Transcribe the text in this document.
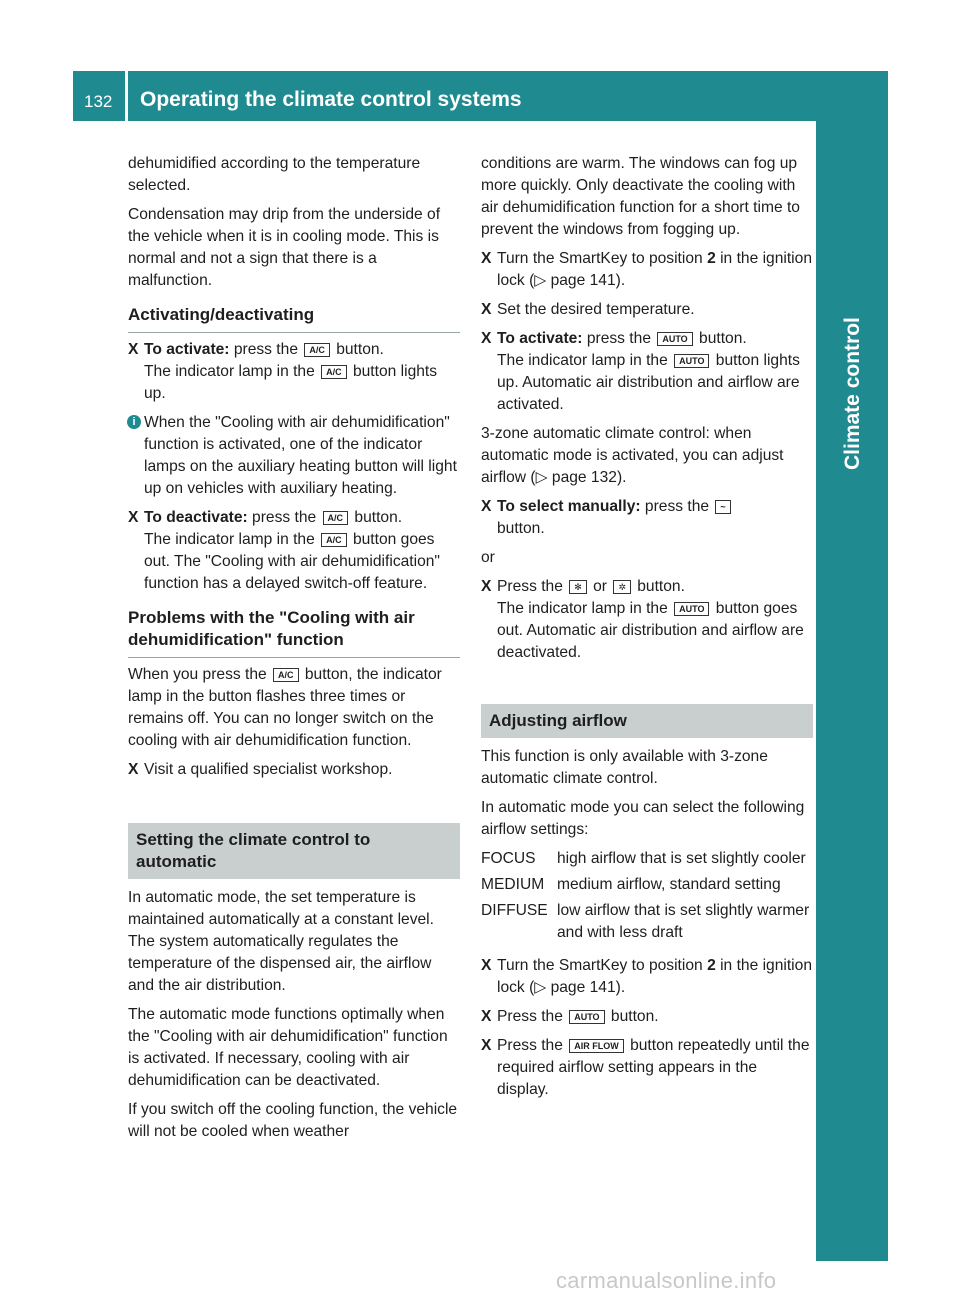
132 Operating the climate control systems
Climate control

dehumidified according to the temperature selected.

Condensation may drip from the underside of the vehicle when it is in cooling mode. This is normal and not a sign that there is a malfunction.

Activating/deactivating
X To activate: press the A/C button.
The indicator lamp in the A/C button lights up.
i When the "Cooling with air dehumidification" function is activated, one of the indicator lamps on the auxiliary heating button will light up on vehicles with auxiliary heating.
X To deactivate: press the A/C button.
The indicator lamp in the A/C button goes out. The "Cooling with air dehumidification" function has a delayed switch-off feature.
Problems with the "Cooling with air dehumidification" function

When you press the A/C button, the indicator lamp in the button flashes three times or remains off. You can no longer switch on the cooling with air dehumidification function.

X Visit a qualified specialist workshop.
Setting the climate control to automatic

In automatic mode, the set temperature is maintained automatically at a constant level. The system automatically regulates the temperature of the dispensed air, the airflow and the air distribution.

The automatic mode functions optimally when the "Cooling with air dehumidification" function is activated. If necessary, cooling with air dehumidification can be deactivated.

If you switch off the cooling function, the vehicle will not be cooled when weather

conditions are warm. The windows can fog up more quickly. Only deactivate the cooling with air dehumidification function for a short time to prevent the windows from fogging up.

X Turn the SmartKey to position 2 in the ignition lock (▷ page 141).
X Set the desired temperature.
X To activate: press the AUTO button.
The indicator lamp in the AUTO button lights up. Automatic air distribution and airflow are activated.

3-zone automatic climate control: when automatic mode is activated, you can adjust airflow (▷ page 132).

X To select manually: press the ~
button.

or

X Press the ✻ or ✲ button.
The indicator lamp in the AUTO button goes out. Automatic air distribution and airflow are deactivated.
Adjusting airflow

This function is only available with 3-zone automatic climate control.

In automatic mode you can select the following airflow settings:

FOCUS	high airflow that is set slightly cooler
MEDIUM	medium airflow, standard setting
DIFFUSE	low airflow that is set slightly warmer and with less draft
X Turn the SmartKey to position 2 in the ignition lock (▷ page 141).
X Press the AUTO button.
X Press the AIR FLOW button repeatedly until the required airflow setting appears in the display.
carmanualsonline.info
